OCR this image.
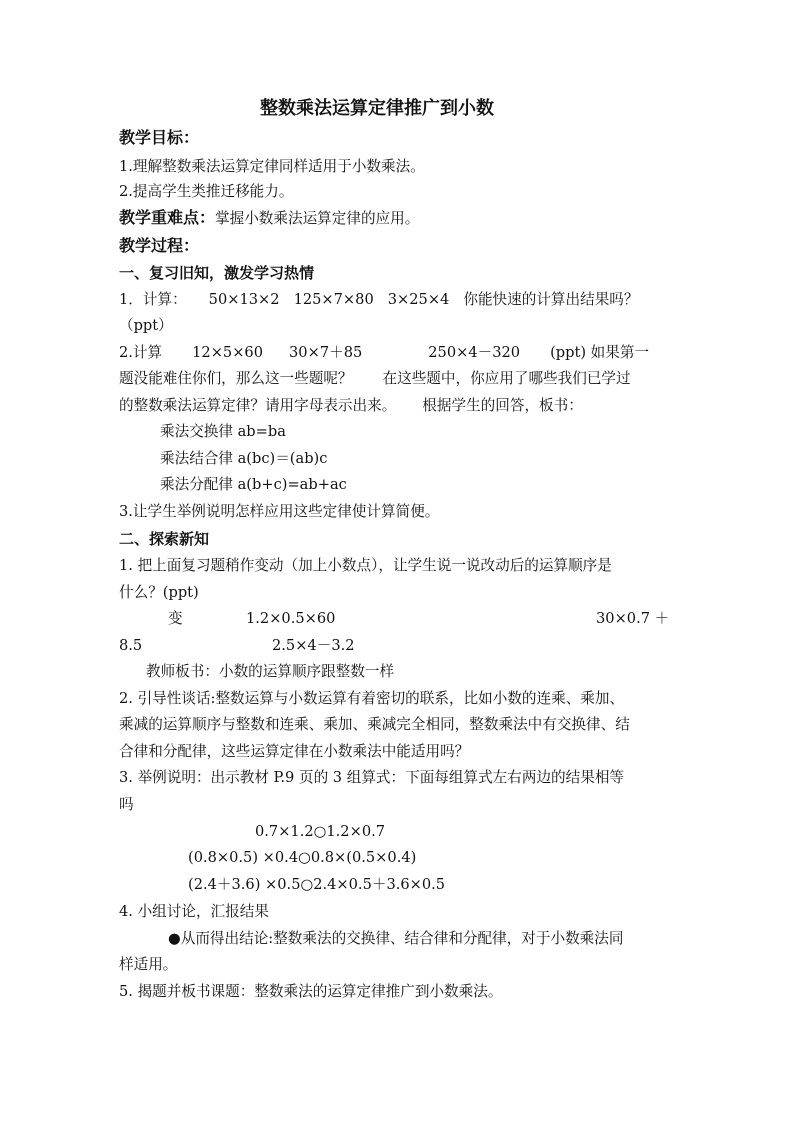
整数乘法运算定律推广到小数
教学目标：
1.理解整数乘法运算定律同样适用于小数乘法。
2.提高学生类推迁移能力。
教学重难点：掌握小数乘法运算定律的应用。
教学过程：
一、复习旧知，激发学习热情
1．计算： 50×13×2 125×7×80 3×25×4 你能快速的计算出结果吗？
（ppt）
2.计算 12×5×60 30×7＋85	250×4－320 (ppt) 如果第一
题没能难住你们，那么这一些题呢？ 在这些题中，你应用了哪些我们已学过
的整数乘法运算定律？请用字母表示出来。 根据学生的回答，板书：
乘法交换律 ab=ba
乘法结合律 a(bc)＝(ab)c
乘法分配律 a(b+c)=ab+ac
3.让学生举例说明怎样应用这些定律使计算简便。
二、探索新知
1. 把上面复习题稍作变动（加上小数点），让学生说一说改动后的运算顺序是
什么？(ppt)
变	1.2×0.5×60	30×0.7 ＋
8.5	2.5×4－3.2
教师板书：小数的运算顺序跟整数一样
2. 引导性谈话:整数运算与小数运算有着密切的联系，比如小数的连乘、乘加、
乘减的运算顺序与整数和连乘、乘加、乘减完全相同，整数乘法中有交换律、结
合律和分配律，这些运算定律在小数乘法中能适用吗？
3. 举例说明：出示教材 P.9 页的 3 组算式：下面每组算式左右两边的结果相等
吗
0.7×1.2○1.2×0.7
(0.8×0.5) ×0.4○0.8×(0.5×0.4)
(2.4＋3.6) ×0.5○2.4×0.5＋3.6×0.5
4. 小组讨论，汇报结果
●从而得出结论:整数乘法的交换律、结合律和分配律，对于小数乘法同
样适用。
5. 揭题并板书课题：整数乘法的运算定律推广到小数乘法。
